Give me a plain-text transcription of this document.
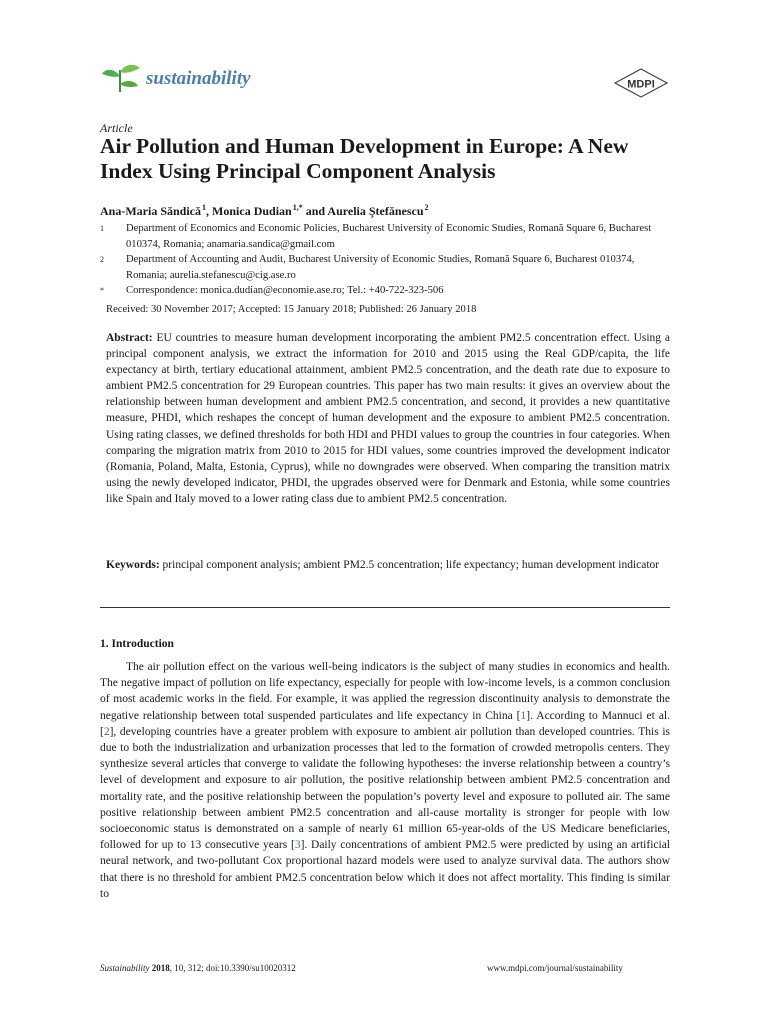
sustainability	MDPI
Article
Air Pollution and Human Development in Europe: A New Index Using Principal Component Analysis
Ana-Maria Săndică $^1$, Monica Dudian $^{1,*}$ and Aurelia Ştefănescu $^2$
1	Department of Economics and Economic Policies, Bucharest University of Economic Studies, Romană Square 6, Bucharest 010374, Romania; anamaria.sandica@gmail.com
2	Department of Accounting and Audit, Bucharest University of Economic Studies, Romană Square 6, Bucharest 010374, Romania; aurelia.stefanescu@cig.ase.ro
*	Correspondence: monica.dudian@economie.ase.ro; Tel.: +40-722-323-506
Received: 30 November 2017; Accepted: 15 January 2018; Published: 26 January 2018
Abstract: EU countries to measure human development incorporating the ambient PM2.5 concentration effect. Using a principal component analysis, we extract the information for 2010 and 2015 using the Real GDP/capita, the life expectancy at birth, tertiary educational attainment, ambient PM2.5 concentration, and the death rate due to exposure to ambient PM2.5 concentration for 29 European countries. This paper has two main results: it gives an overview about the relationship between human development and ambient PM2.5 concentration, and second, it provides a new quantitative measure, PHDI, which reshapes the concept of human development and the exposure to ambient PM2.5 concentration. Using rating classes, we defined thresholds for both HDI and PHDI values to group the countries in four categories. When comparing the migration matrix from 2010 to 2015 for HDI values, some countries improved the development indicator (Romania, Poland, Malta, Estonia, Cyprus), while no downgrades were observed. When comparing the transition matrix using the newly developed indicator, PHDI, the upgrades observed were for Denmark and Estonia, while some countries like Spain and Italy moved to a lower rating class due to ambient PM2.5 concentration.
Keywords: principal component analysis; ambient PM2.5 concentration; life expectancy; human development indicator
1. Introduction
The air pollution effect on the various well-being indicators is the subject of many studies in economics and health. The negative impact of pollution on life expectancy, especially for people with low-income levels, is a common conclusion of most academic works in the field. For example, it was applied the regression discontinuity analysis to demonstrate the negative relationship between total suspended particulates and life expectancy in China [1]. According to Mannuci et al. [2], developing countries have a greater problem with exposure to ambient air pollution than developed countries. This is due to both the industrialization and urbanization processes that led to the formation of crowded metropolis centers. They synthesize several articles that converge to validate the following hypotheses: the inverse relationship between a country’s level of development and exposure to air pollution, the positive relationship between ambient PM2.5 concentration and mortality rate, and the positive relationship between the population’s poverty level and exposure to polluted air. The same positive relationship between ambient PM2.5 concentration and all-cause mortality is stronger for people with low socioeconomic status is demonstrated on a sample of nearly 61 million 65-year-olds of the US Medicare beneficiaries, followed for up to 13 consecutive years [3]. Daily concentrations of ambient PM2.5 were predicted by using an artificial neural network, and two-pollutant Cox proportional hazard models were used to analyze survival data. The authors show that there is no threshold for ambient PM2.5 concentration below which it does not affect mortality. This finding is similar to
Sustainability 2018, 10, 312; doi:10.3390/su10020312	www.mdpi.com/journal/sustainability
